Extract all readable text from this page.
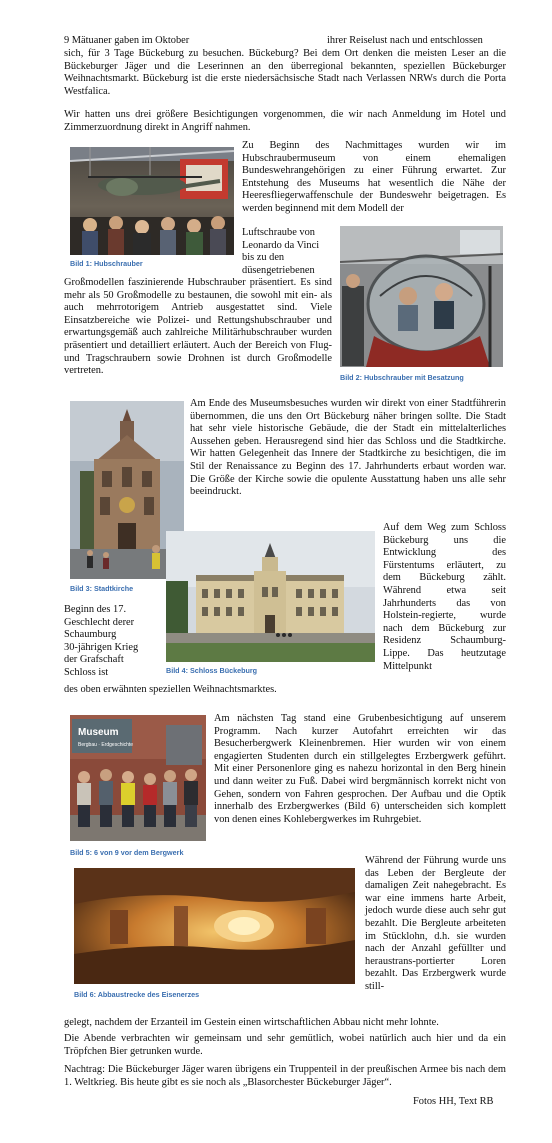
9 Mätuaner gaben im Oktober	ihrer Reiselust nach und entschlossen

sich, für 3 Tage Bückeburg zu besuchen. Bückeburg? Bei dem Ort denken die meisten Leser an die Bückeburger Jäger und die Leserinnen an den überregional bekannten, speziellen Bückeburger Weihnachtsmarkt. Bückeburg ist die erste niedersächsische Stadt nach Verlassen NRWs durch die Porta Westfalica.

Wir hatten uns drei größere Besichtigungen vorgenommen, die wir nach Anmeldung im Hotel und Zimmerzuordnung direkt in Angriff nahmen.

Bild 1: Hubschrauber

Zu Beginn des Nachmittages wurden wir im Hubschraubermuseum von einem ehemaligen Bundeswehrangehörigen zu einer Führung erwartet. Zur Entstehung des Museums hat wesentlich die Nähe der Heeresfliegerwaffenschule der Bundeswehr beigetragen. Es werden beginnend mit dem Modell der

Luftschraube von
Leonardo da Vinci
bis zu den
düsengetriebenen
Bild 2: Hubschrauber mit Besatzung

Großmodellen faszinierende Hubschrauber präsentiert. Es sind mehr als 50 Großmodelle zu bestaunen, die sowohl mit ein- als auch mehrrotorigem Antrieb ausgestattet sind. Viele Einsatzbereiche wie Polizei- und Rettungshubschrauber und erwartungsgemäß auch zahlreiche Militärhubschrauber wurden präsentiert und detailliert erläutert. Auch der Bereich von Flug- und Tragschraubern sowie Drohnen ist durch Großmodelle vertreten.

Bild 3: Stadtkirche

Am Ende des Museumsbesuches wurden wir direkt von einer Stadtführerin übernommen, die uns den Ort Bückeburg näher bringen sollte. Die Stadt hat sehr viele historische Gebäude, die der Stadt ein mittelalterliches Aussehen geben. Herausregend sind hier das Schloss und die Stadtkirche. Wir hatten Gelegenheit das Innere der Stadtkirche zu besichtigen, die im Stil der Renaissance zu Beginn des 17. Jahrhunderts erbaut worden war. Die Größe der Kirche sowie die opulente Ausstattung haben uns alle sehr beeindruckt.

Bild 4: Schloss Bückeburg

Auf dem Weg zum Schloss Bückeburg uns die Entwicklung des Fürstentums erläutert, zu dem Bückeburg zählt. Während etwa seit Jahrhunderts das von Holstein-regierte, wurde nach dem Bückeburg zur Residenz Schaumburg-Lippe. Das heutzutage Mittelpunkt

Beginn des 17.
Geschlecht derer
Schaumburg
30-jährigen Krieg
der Grafschaft
Schloss ist

des oben erwähnten speziellen Weihnachtsmarktes.

Museum
Bergbau · Erdgeschichte
Bild 5: 6 von 9 vor dem Bergwerk

Am nächsten Tag stand eine Grubenbesichtigung auf unserem Programm. Nach kurzer Autofahrt erreichten wir das Besucherbergwerk Kleinenbremen. Hier wurden wir von einem engagierten Studenten durch ein stillgelegtes Erzbergwerk geführt. Mit einer Personenlore ging es nahezu horizontal in den Berg hinein und dann weiter zu Fuß. Dabei wird bergmännisch korrekt nicht von Gehen, sondern von Fahren gesprochen. Der Aufbau und die Optik innerhalb des Erzbergwerkes (Bild 6) unterscheiden sich komplett von denen eines Kohlebergwerkes im Ruhrgebiet.

Bild 6: Abbaustrecke des Eisenerzes

Während der Führung wurde uns das Leben der Bergleute der damaligen Zeit nahegebracht. Es war eine immens harte Arbeit, jedoch wurde diese auch sehr gut bezahlt. Die Bergleute arbeiteten im Stücklohn, d.h. sie wurden nach der Anzahl gefüllter und heraustrans-portierter Loren bezahlt. Das Erzbergwerk wurde still-

gelegt, nachdem der Erzanteil im Gestein einen wirtschaftlichen Abbau nicht mehr lohnte.

Die Abende verbrachten wir gemeinsam und sehr gemütlich, wobei natürlich auch hier und da ein Tröpfchen Bier getrunken wurde.

Nachtrag: Die Bückeburger Jäger waren übrigens ein Truppenteil in der preußischen Armee bis nach dem 1. Weltkrieg. Bis heute gibt es sie noch als „Blasorchester Bückeburger Jäger“.

Fotos HH, Text RB
